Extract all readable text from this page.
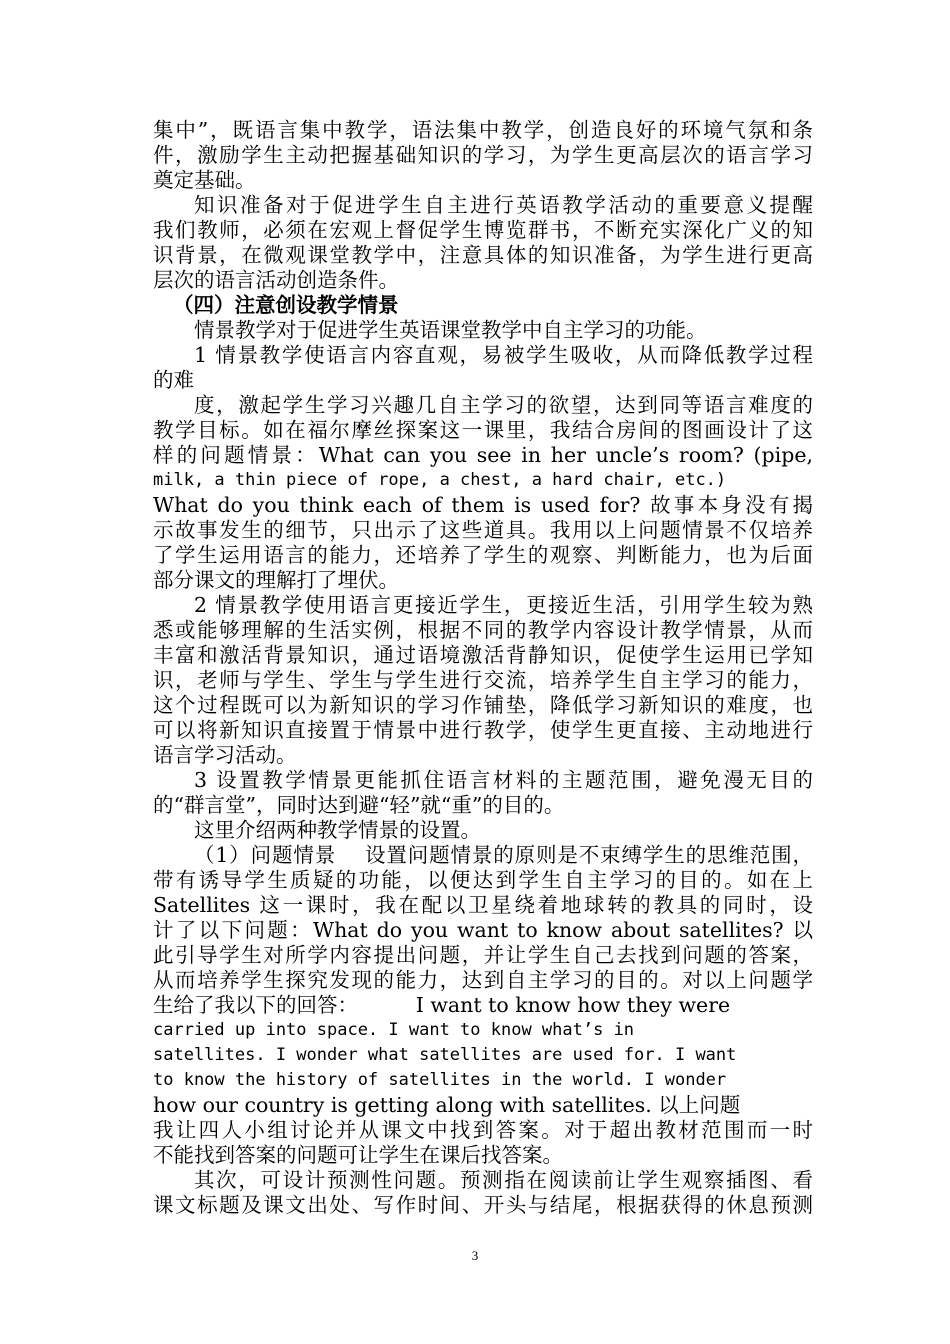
集中”，既语言集中教学，语法集中教学，创造良好的环境气氛和条
件，激励学生主动把握基础知识的学习，为学生更高层次的语言学习
奠定基础。
知识准备对于促进学生自主进行英语教学活动的重要意义提醒
我们教师，必须在宏观上督促学生博览群书，不断充实深化广义的知
识背景，在微观课堂教学中，注意具体的知识准备，为学生进行更高
层次的语言活动创造条件。
（四）注意创设教学情景
情景教学对于促进学生英语课堂教学中自主学习的功能。
1 情景教学使语言内容直观，易被学生吸收，从而降低教学过程
的难
度，激起学生学习兴趣几自主学习的欲望，达到同等语言难度的
教学目标。如在福尔摩丝探案这一课里，我结合房间的图画设计了这
样的问题情景：What can you see in her uncle’s room? (pipe,
milk, a thin piece of rope, a chest, a hard chair, etc.)
What do you think each of them is used for? 故事本身没有揭
示故事发生的细节，只出示了这些道具。我用以上问题情景不仅培养
了学生运用语言的能力，还培养了学生的观察、判断能力，也为后面
部分课文的理解打了埋伏。
2 情景教学使用语言更接近学生，更接近生活，引用学生较为熟
悉或能够理解的生活实例，根据不同的教学内容设计教学情景，从而
丰富和激活背景知识，通过语境激活背静知识，促使学生运用已学知
识，老师与学生、学生与学生进行交流，培养学生自主学习的能力，
这个过程既可以为新知识的学习作铺垫，降低学习新知识的难度，也
可以将新知识直接置于情景中进行教学，使学生更直接、主动地进行
语言学习活动。
3 设置教学情景更能抓住语言材料的主题范围，避免漫无目的
的“群言堂”，同时达到避“轻”就“重”的目的。
这里介绍两种教学情景的设置。
（1）问题情景　 设置问题情景的原则是不束缚学生的思维范围，
带有诱导学生质疑的功能，以便达到学生自主学习的目的。如在上
Satellites 这一课时，我在配以卫星绕着地球转的教具的同时，设
计了以下问题：What do you want to know about satellites? 以
此引导学生对所学内容提出问题，并让学生自己去找到问题的答案，
从而培养学生探究发现的能力，达到自主学习的目的。对以上问题学
生给了我以下的回答：　　　 I want to know how they were
carried up into space. I want to know what’s in
satellites. I wonder what satellites are used for. I want
to know the history of satellites in the world. I wonder
how our country is getting along with satellites. 以上问题
我让四人小组讨论并从课文中找到答案。对于超出教材范围而一时
不能找到答案的问题可让学生在课后找答案。
其次，可设计预测性问题。预测指在阅读前让学生观察插图、看
课文标题及课文出处、写作时间、开头与结尾，根据获得的休息预测
3
